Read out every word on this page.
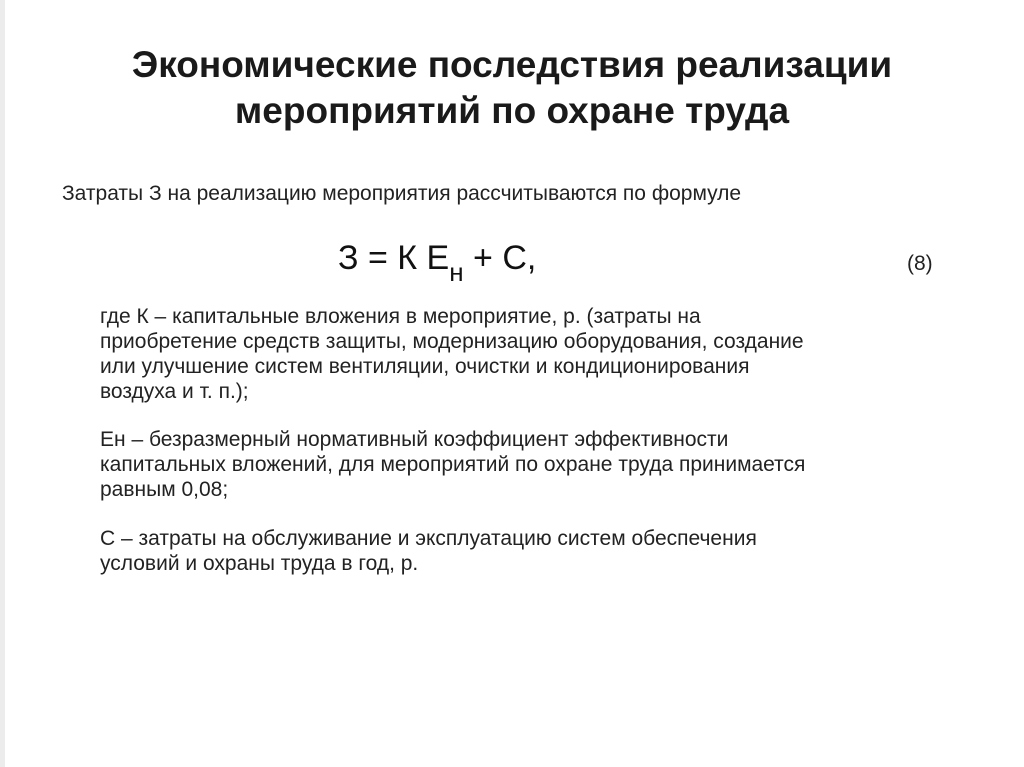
Экономические последствия реализации
мероприятий по охране труда
Затраты З на реализацию мероприятия рассчитываются по формуле
З = К $Е_н + С$,	(8)
где К – капитальные вложения в мероприятие, р. (затраты на
приобретение средств защиты, модернизацию оборудования, создание
или улучшение систем вентиляции, очистки и кондиционирования
воздуха и т. п.);
Ен – безразмерный нормативный коэффициент эффективности
капитальных вложений, для мероприятий по охране труда принимается
равным 0,08;
С – затраты на обслуживание и эксплуатацию систем обеспечения
условий и охраны труда в год, р.
